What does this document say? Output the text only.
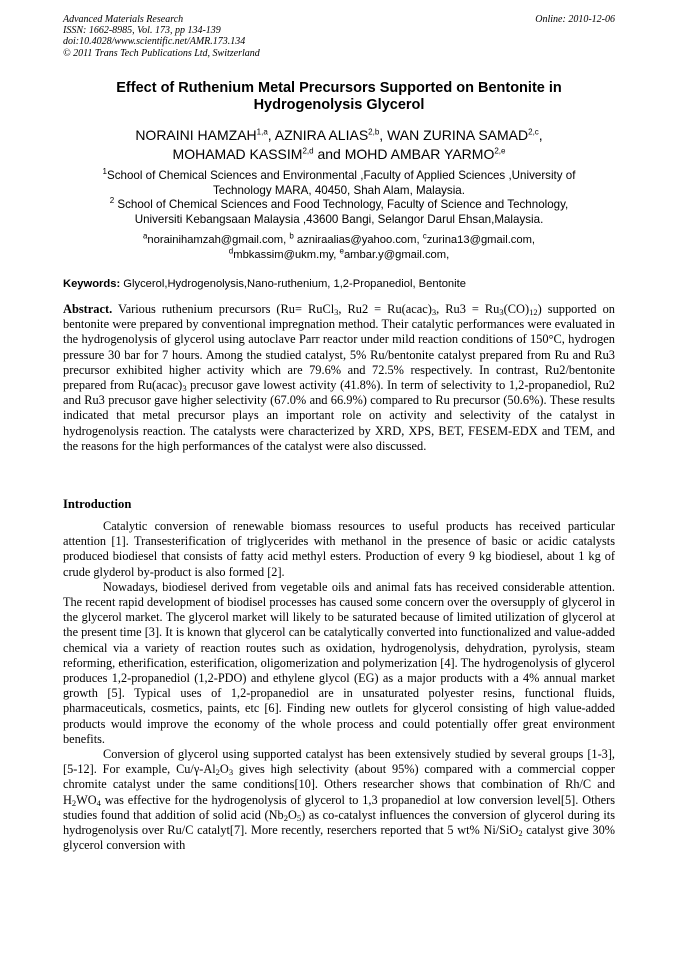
Advanced Materials Research
ISSN: 1662-8985, Vol. 173, pp 134-139
doi:10.4028/www.scientific.net/AMR.173.134
© 2011 Trans Tech Publications Ltd, Switzerland
Online: 2010-12-06
Effect of Ruthenium Metal Precursors Supported on Bentonite in
Hydrogenolysis Glycerol
NORAINI HAMZAH$^{1,a}$, AZNIRA ALIAS$^{2,b}$, WAN ZURINA SAMAD$^{2,c}$,
MOHAMAD KASSIM$^{2,d}$ and MOHD AMBAR YARMO$^{2,e}$
$^1$School of Chemical Sciences and Environmental ,Faculty of Applied Sciences ,University of
Technology MARA, 40450, Shah Alam, Malaysia.
$^2$ School of Chemical Sciences and Food Technology, Faculty of Science and Technology,
Universiti Kebangsaan Malaysia ,43600 Bangi, Selangor Darul Ehsan,Malaysia.
$^a$norainihamzah@gmail.com, $^b$ azniraalias@yahoo.com, $^c$zurina13@gmail.com,
$^d$mbkassim@ukm.my, $^e$ambar.y@gmail.com,
Keywords: Glycerol,Hydrogenolysis,Nano-ruthenium, 1,2-Propanediol, Bentonite
Abstract. Various ruthenium precursors (Ru= RuCl$_3$, $Ru2 = Ru(acac)_3$, $Ru3 = Ru_3(CO)_{12}$) supported on bentonite were prepared by conventional impregnation method. Their catalytic performances were evaluated in the hydrogenolysis of glycerol using autoclave Parr reactor under mild reaction conditions of 150°C, hydrogen pressure 30 bar for 7 hours. Among the studied catalyst, 5% Ru/bentonite catalyst prepared from Ru and Ru3 precursor exhibited higher activity which are 79.6% and 72.5% respectively. In contrast, Ru2/bentonite prepared from $Ru(acac)_3$ precusor gave lowest activity (41.8%). In term of selectivity to 1,2-propanediol, Ru2 and Ru3 precusor gave higher selectivity (67.0% and 66.9%) compared to Ru precursor (50.6%). These results indicated that metal precursor plays an important role on activity and selectivity of the catalyst in hydrogenolysis reaction. The catalysts were characterized by XRD, XPS, BET, FESEM-EDX and TEM, and the reasons for the high performances of the catalyst were also discussed.
Introduction

Catalytic conversion of renewable biomass resources to useful products has received particular attention [1]. Transesterification of triglycerides with methanol in the presence of basic or acidic catalysts produced biodiesel that consists of fatty acid methyl esters. Production of every 9 kg biodiesel, about 1 kg of crude glyderol by-product is also formed [2].

Nowadays, biodiesel derived from vegetable oils and animal fats has received considerable attention. The recent rapid development of biodisel processes has caused some concern over the oversupply of glycerol in the glycerol market. The glycerol market will likely to be saturated because of limited utilization of glycerol at the present time [3]. It is known that glycerol can be catalytically converted into functionalized and value-added chemical via a variety of reaction routes such as oxidation, hydrogenolysis, dehydration, pyrolysis, steam reforming, etherification, esterification, oligomerization and polymerization [4]. The hydrogenolysis of glycerol produces 1,2-propanediol (1,2-PDO) and ethylene glycol (EG) as a major products with a 4% annual market growth [5]. Typical uses of 1,2-propanediol are in unsaturated polyester resins, functional fluids, pharmaceuticals, cosmetics, paints, etc [6]. Finding new outlets for glycerol consisting of high value-added products would improve the economy of the whole process and could potentially offer great environment benefits.

Conversion of glycerol using supported catalyst has been extensively studied by several groups [1-3], [5-12]. For example, $Cu/\gamma-Al_2O_3$ gives high selectivity (about 95%) compared with a commercial copper chromite catalyst under the same conditions[10]. Others researcher shows that combination of Rh/C and $H_2WO_4$ was effective for the hydrogenolysis of glycerol to 1,3 propanediol at low conversion level[5]. Others studies found that addition of solid acid $(Nb_2O_5)$ as co-catalyst influences the conversion of glycerol during its hydrogenolysis over Ru/C catalyt[7]. More recently, reserchers reported that 5 wt% Ni/SiO$_2$ catalyst give 30% glycerol conversion with
